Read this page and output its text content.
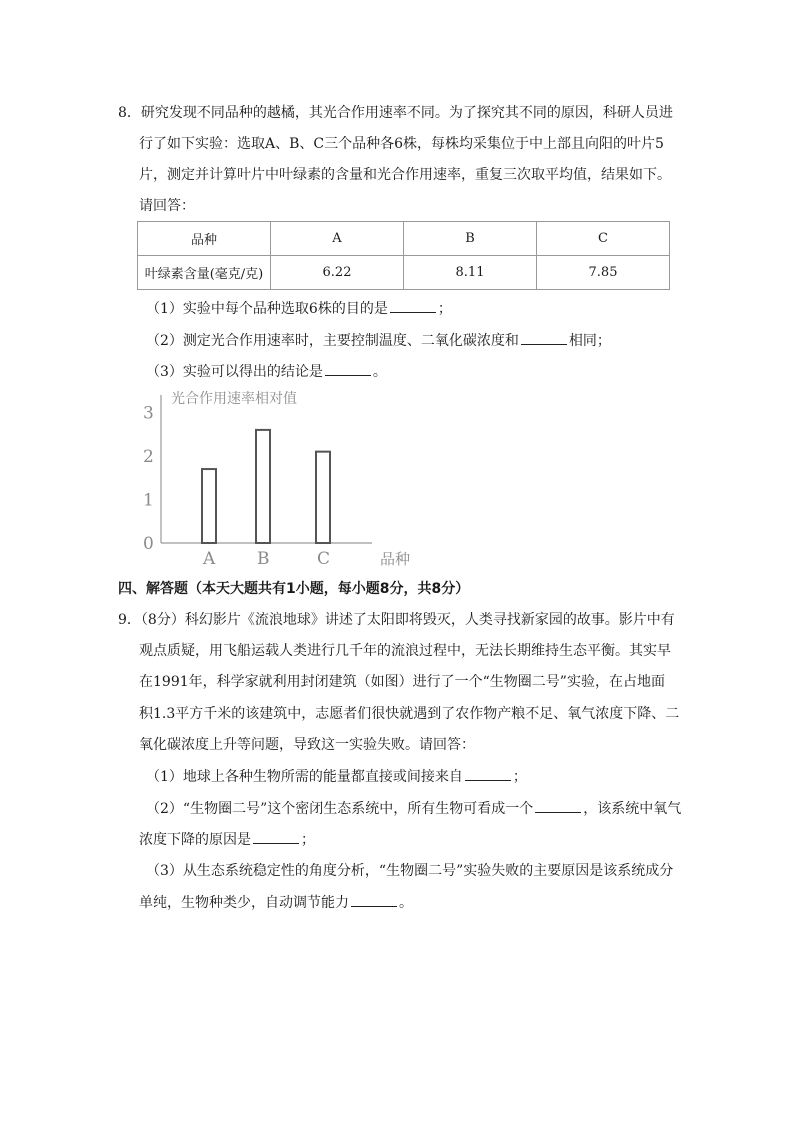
8．研究发现不同品种的越橘，其光合作用速率不同。为了探究其不同的原因，科研人员进
行了如下实验：选取A、B、C三个品种各6株，每株均采集位于中上部且向阳的叶片5
片，测定并计算叶片中叶绿素的含量和光合作用速率，重复三次取平均值，结果如下。
请回答：
品种	A	B	C
叶绿素含量(毫克/克)	6.22	8.11	7.85
（1）实验中每个品种选取6株的目的是	；
（2）测定光合作用速率时，主要控制温度、二氧化碳浓度和	相同；
（3）实验可以得出的结论是	。
0
1
2
3
光合作用速率相对值
A B	C	品种
四、解答题（本天大题共有1小题，每小题8分，共8分）
9．（8分）科幻影片《流浪地球》讲述了太阳即将毁灭，人类寻找新家园的故事。影片中有
观点质疑，用飞船运载人类进行几千年的流浪过程中，无法长期维持生态平衡。其实早
在1991年，科学家就利用封闭建筑（如图）进行了一个“生物圈二号”实验，在占地面
积1.3平方千米的该建筑中，志愿者们很快就遇到了农作物产粮不足、氧气浓度下降、二
氧化碳浓度上升等问题，导致这一实验失败。请回答：
（1）地球上各种生物所需的能量都直接或间接来自	；
（2）“生物圈二号”这个密闭生态系统中，所有生物可看成一个	，该系统中氧气
浓度下降的原因是	；
（3）从生态系统稳定性的角度分析，“生物圈二号”实验失败的主要原因是该系统成分
单纯，生物种类少，自动调节能力	。
